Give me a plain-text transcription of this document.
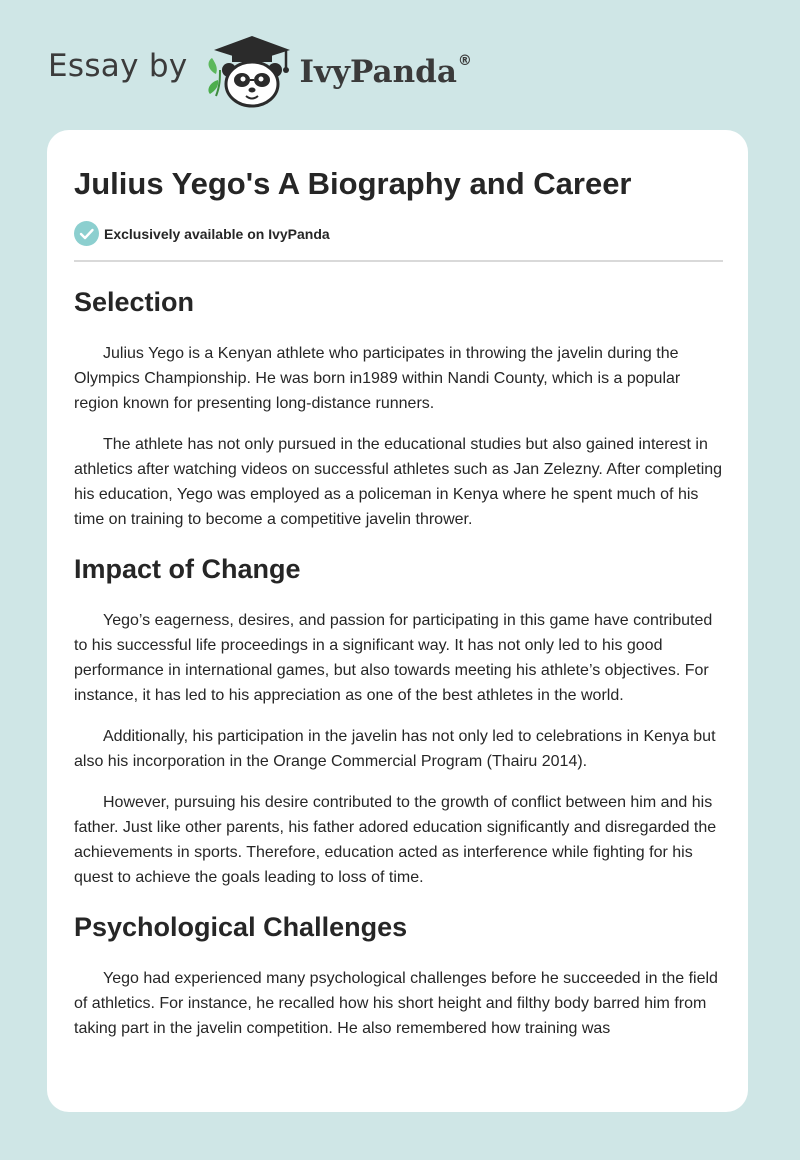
Essay by	IvyPanda®
Julius Yego's A Biography and Career
Exclusively available on IvyPanda
Selection

Julius Yego is a Kenyan athlete who participates in throwing the javelin during the Olympics Championship. He was born in1989 within Nandi County, which is a popular region known for presenting long-distance runners.

The athlete has not only pursued in the educational studies but also gained interest in athletics after watching videos on successful athletes such as Jan Zelezny. After completing his education, Yego was employed as a policeman in Kenya where he spent much of his time on training to become a competitive javelin thrower.

Impact of Change

Yego’s eagerness, desires, and passion for participating in this game have contributed to his successful life proceedings in a significant way. It has not only led to his good performance in international games, but also towards meeting his athlete’s objectives. For instance, it has led to his appreciation as one of the best athletes in the world.

Additionally, his participation in the javelin has not only led to celebrations in Kenya but also his incorporation in the Orange Commercial Program (Thairu 2014).

However, pursuing his desire contributed to the growth of conflict between him and his father. Just like other parents, his father adored education significantly and disregarded the achievements in sports. Therefore, education acted as interference while fighting for his quest to achieve the goals leading to loss of time.

Psychological Challenges

Yego had experienced many psychological challenges before he succeeded in the field of athletics. For instance, he recalled how his short height and filthy body barred him from taking part in the javelin competition. He also remembered how training was
